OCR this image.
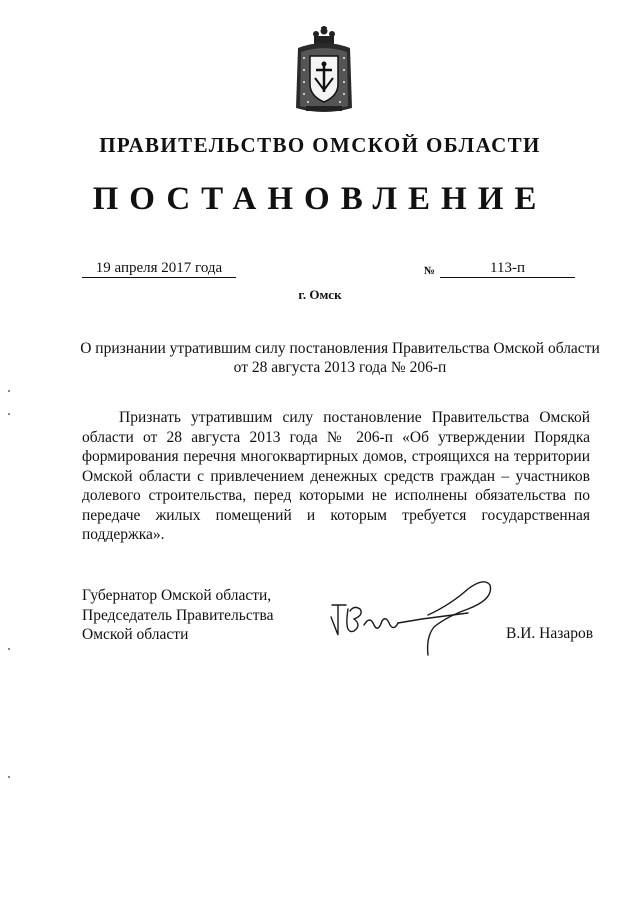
ПРАВИТЕЛЬСТВО ОМСКОЙ ОБЛАСТИ
ПОСТАНОВЛЕНИЕ
19 апреля 2017 года	№	113-п
г. Омск
О признании утратившим силу постановления Правительства Омской области
от 28 августа 2013 года № 206-п
Признать утратившим силу постановление Правительства Омской области от 28 августа 2013 года № 206-п «Об утверждении Порядка формирования перечня многоквартирных домов, строящихся на территории Омской области с привлечением денежных средств граждан – участников долевого строительства, перед которыми не исполнены обязательства по передаче жилых помещений и которым требуется государственная поддержка».
Губернатор Омской области,
Председатель Правительства
Омской области	В.И. Назаров
